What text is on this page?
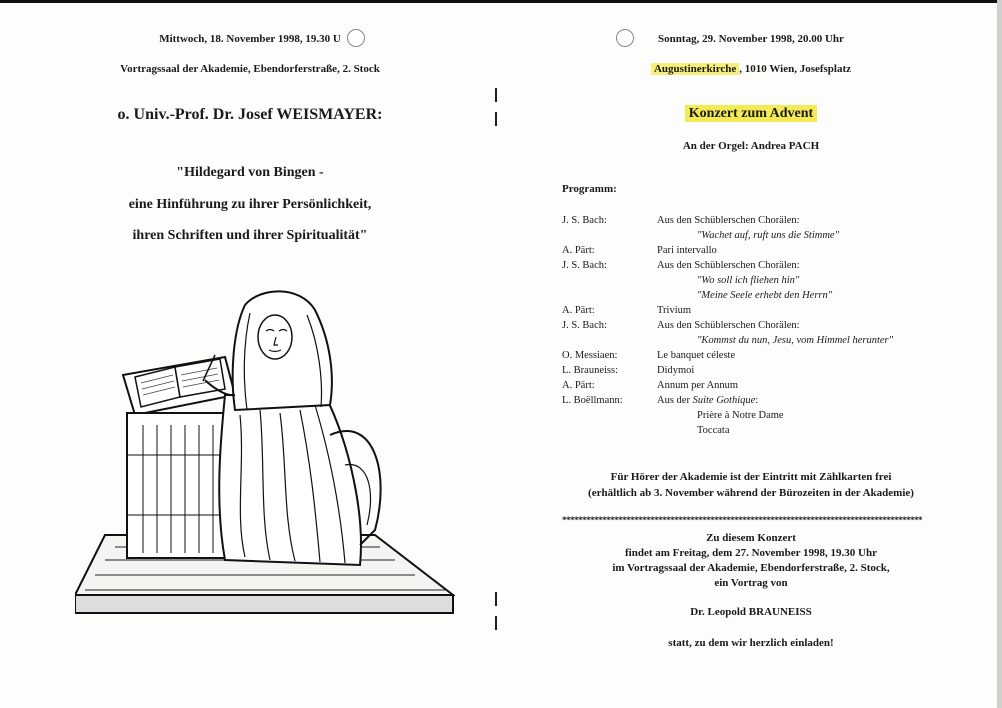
Mittwoch, 18. November 1998, 19.30 U
Vortragssaal der Akademie, Ebendorferstraße, 2. Stock
o. Univ.-Prof. Dr. Josef WEISMAYER:
"Hildegard von Bingen -
eine Hinführung zu ihrer Persönlichkeit,
ihren Schriften und ihrer Spiritualität"
Sonntag, 29. November 1998, 20.00 Uhr
Augustinerkirche , 1010 Wien, Josefsplatz
Konzert zum Advent
An der Orgel: Andrea PACH
Programm:
J. S. Bach:	Aus den Schüblerschen Chorälen:
"Wachet auf, ruft uns die Stimme"
A. Pärt:	Pari intervallo
J. S. Bach:	Aus den Schüblerschen Chorälen:
"Wo soll ich fliehen hin"
"Meine Seele erhebt den Herrn"
A. Pärt:	Trivium
J. S. Bach:	Aus den Schüblerschen Chorälen:
"Kommst du nun, Jesu, vom Himmel herunter"
O. Messiaen:	Le banquet céleste
L. Brauneiss:	Didymoi
A. Pärt:	Annum per Annum
L. Boëllmann:	Aus der Suite Gothique:
Prière à Notre Dame
Toccata
Für Hörer der Akademie ist der Eintritt mit Zählkarten frei
(erhältlich ab 3. November während der Bürozeiten in der Akademie)
******************************************************************************************
Zu diesem Konzert
findet am Freitag, dem 27. November 1998, 19.30 Uhr
im Vortragssaal der Akademie, Ebendorferstraße, 2. Stock,
ein Vortrag von
Dr. Leopold BRAUNEISS
statt, zu dem wir herzlich einladen!
